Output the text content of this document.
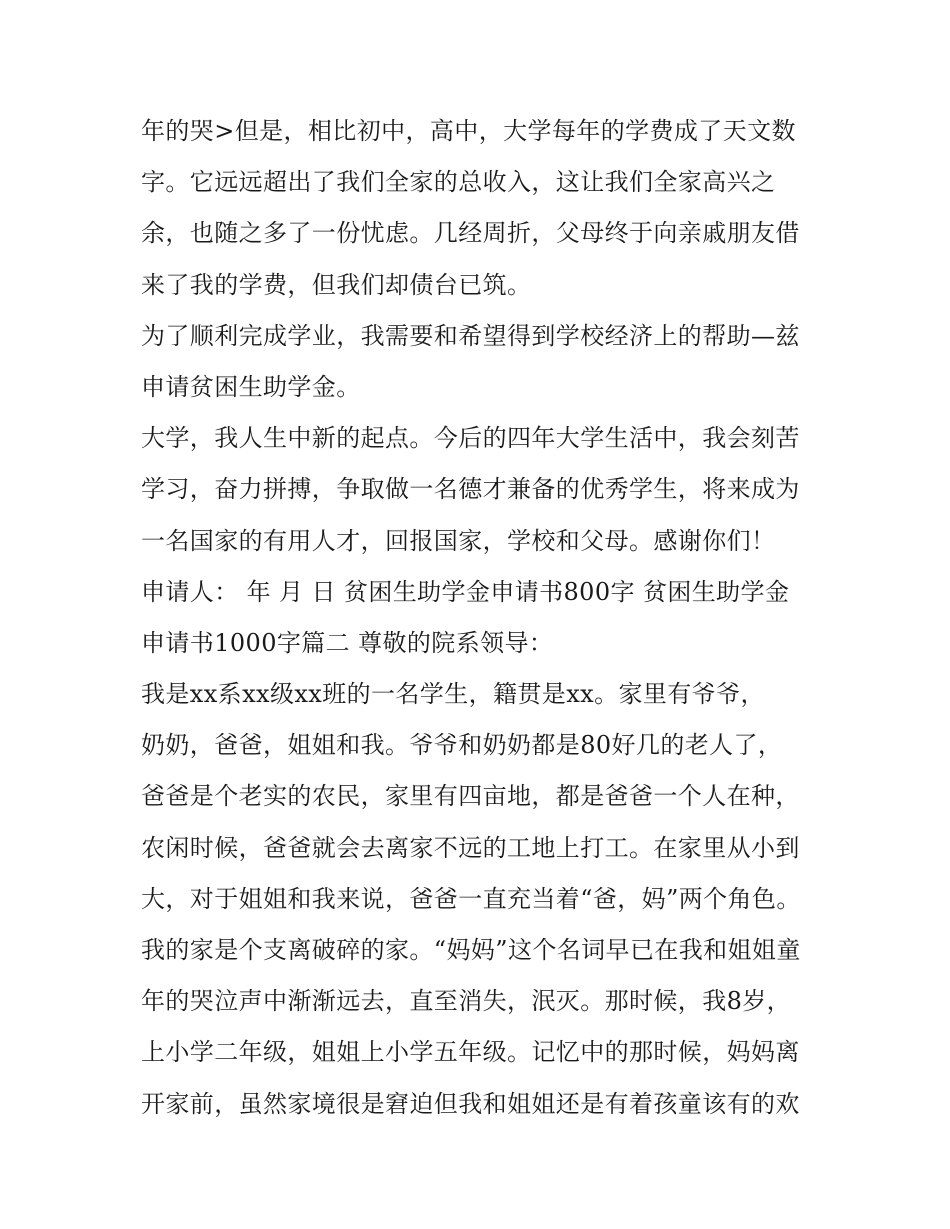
年的哭>但是，相比初中，高中，大学每年的学费成了天文数
字。它远远超出了我们全家的总收入，这让我们全家高兴之
余，也随之多了一份忧虑。几经周折，父母终于向亲戚朋友借
来了我的学费，但我们却债台已筑。
为了顺利完成学业，我需要和希望得到学校经济上的帮助—兹
申请贫困生助学金。
大学，我人生中新的起点。今后的四年大学生活中，我会刻苦
学习，奋力拼搏，争取做一名德才兼备的优秀学生，将来成为
一名国家的有用人才，回报国家，学校和父母。感谢你们！
申请人： 年 月 日 贫困生助学金申请书800字 贫困生助学金
申请书1000字篇二 尊敬的院系领导：
我是xx系xx级xx班的一名学生，籍贯是xx。家里有爷爷，
奶奶，爸爸，姐姐和我。爷爷和奶奶都是80好几的老人了，
爸爸是个老实的农民，家里有四亩地，都是爸爸一个人在种，
农闲时候，爸爸就会去离家不远的工地上打工。在家里从小到
大，对于姐姐和我来说，爸爸一直充当着“爸，妈”两个角色。
我的家是个支离破碎的家。“妈妈”这个名词早已在我和姐姐童
年的哭泣声中渐渐远去，直至消失，泯灭。那时候，我8岁，
上小学二年级，姐姐上小学五年级。记忆中的那时候，妈妈离
开家前，虽然家境很是窘迫但我和姐姐还是有着孩童该有的欢
